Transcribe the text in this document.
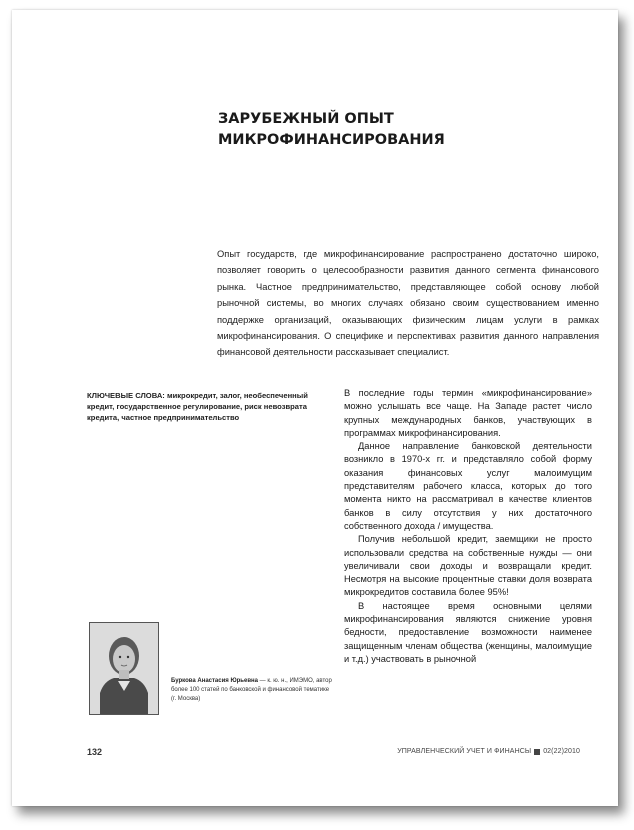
ЗАРУБЕЖНЫЙ ОПЫТ
МИКРОФИНАНСИРОВАНИЯ

Опыт государств, где микрофинансирование распространено достаточно широко, позволяет говорить о целесообразности развития данного сегмента финансового рынка. Частное предпринимательство, представляющее собой основу любой рыночной системы, во многих случаях обязано своим существованием именно поддержке организаций, оказывающих физическим лицам услуги в рамках микрофинансирования. О специфике и перспективах развития данного направления финансовой деятельности рассказывает специалист.

КЛЮЧЕВЫЕ СЛОВА: микрокредит, залог, необеспеченный кредит, государственное регулирование, риск невозврата кредита, частное предпринимательство

В последние годы термин «микрофинансирование» можно услышать все чаще. На Западе растет число крупных международных банков, участвующих в программах микрофинансирования.

Данное направление банковской деятельности возникло в 1970-х гг. и представляло собой форму оказания финансовых услуг малоимущим представителям рабочего класса, которых до того момента никто на рассматривал в качестве клиентов банков в силу отсутствия у них достаточного собственного дохода / имущества.

Получив небольшой кредит, заемщики не просто использовали средства на собственные нужды — они увеличивали свои доходы и возвращали кредит. Несмотря на высокие процентные ставки доля возврата микрокредитов составила более 95%!

В настоящее время основными целями микрофинансирования являются снижение уровня бедности, предоставление возможности наименее защищенным членам общества (женщины, малоимущие и т.д.) участвовать в рыночной

Буркова Анастасия Юрьевна — к. ю. н., ИМЭМО, автор более 100 статей по банковской и финансовой тематике (г. Москва)

132	УПРАВЛЕНЧЕСКИЙ УЧЕТ И ФИНАНСЫ 02(22)2010
